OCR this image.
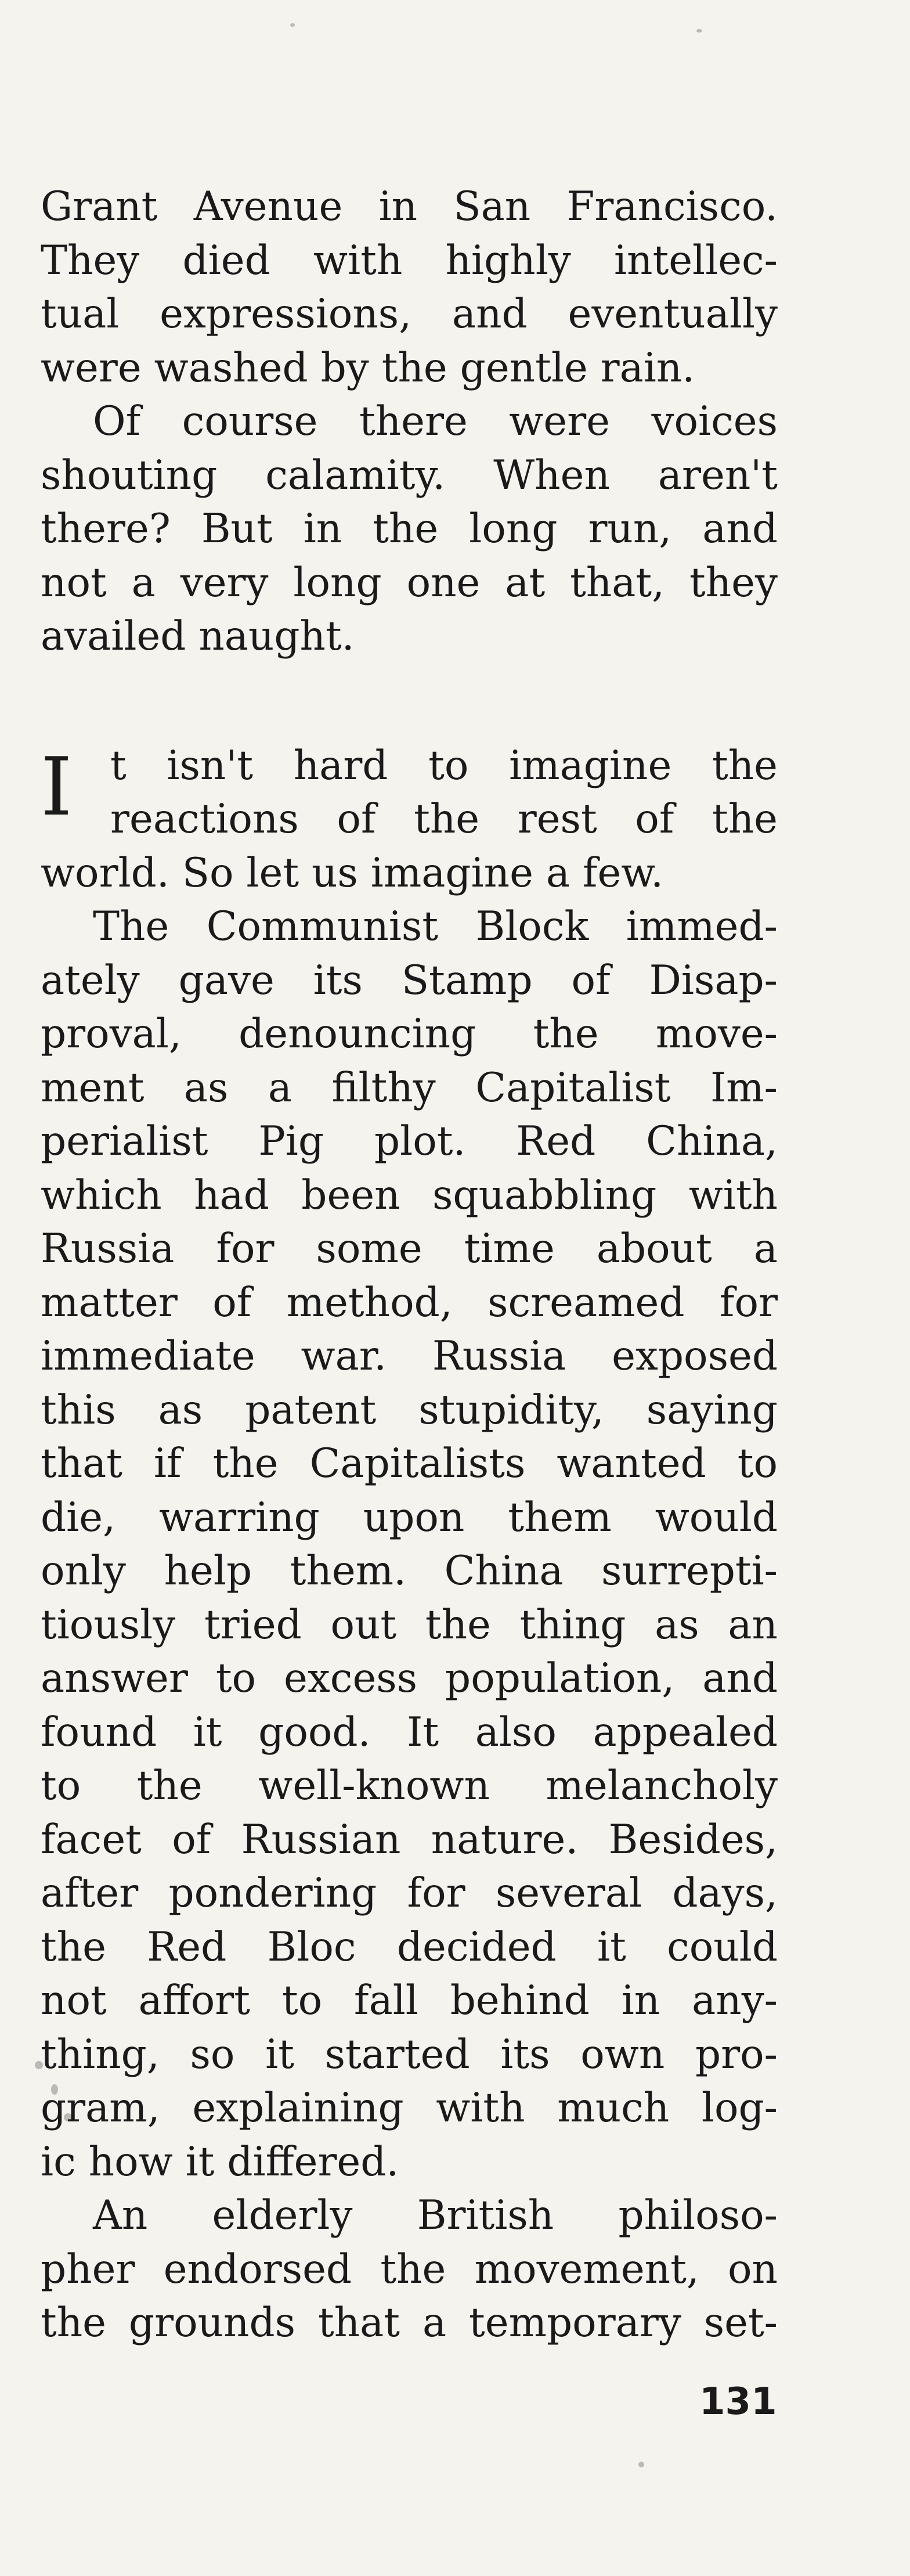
Grant Avenue in San Francisco.
They died with highly intellec-
tual expressions, and eventually
were washed by the gentle rain.
Of course there were voices
shouting calamity. When aren't
there? But in the long run, and
not a very long one at that, they
availed naught.
I t isn't hard to imagine the
reactions of the rest of the
world. So let us imagine a few.
The Communist Block immed-
ately gave its Stamp of Disap-
proval, denouncing the move-
ment as a filthy Capitalist Im-
perialist Pig plot. Red China,
which had been squabbling with
Russia for some time about a
matter of method, screamed for
immediate war. Russia exposed
this as patent stupidity, saying
that if the Capitalists wanted to
die, warring upon them would
only help them. China surrepti-
tiously tried out the thing as an
answer to excess population, and
found it good. It also appealed
to the well-known melancholy
facet of Russian nature. Besides,
after pondering for several days,
the Red Bloc decided it could
not affort to fall behind in any-
thing, so it started its own pro-
gram, explaining with much log-
ic how it differed.
An elderly British philoso-
pher endorsed the movement, on
the grounds that a temporary set-
131
